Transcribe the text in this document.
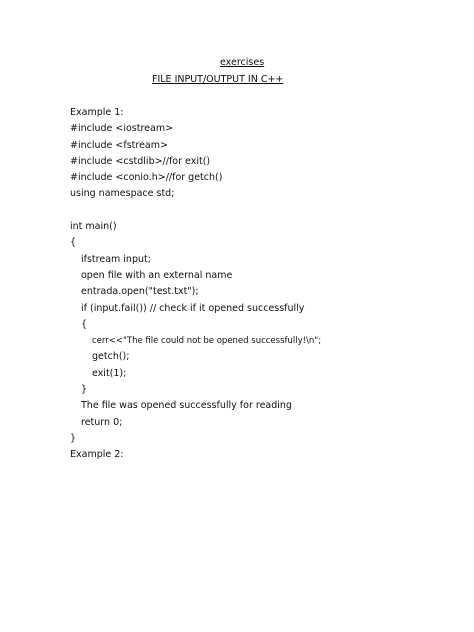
exercises
FILE INPUT/OUTPUT IN C++
Example 1:
#include <iostream>
#include <fstream>
#include <cstdlib>//for exit()
#include <conio.h>//for getch()
using namespace std;
int main()
{
ifstream input;
open file with an external name
entrada.open("test.txt");
if (input.fail()) // check if it opened successfully
{
cerr<<"The file could not be opened successfully!\n";
getch();
exit(1);
}
The file was opened successfully for reading
return 0;
}
Example 2:
